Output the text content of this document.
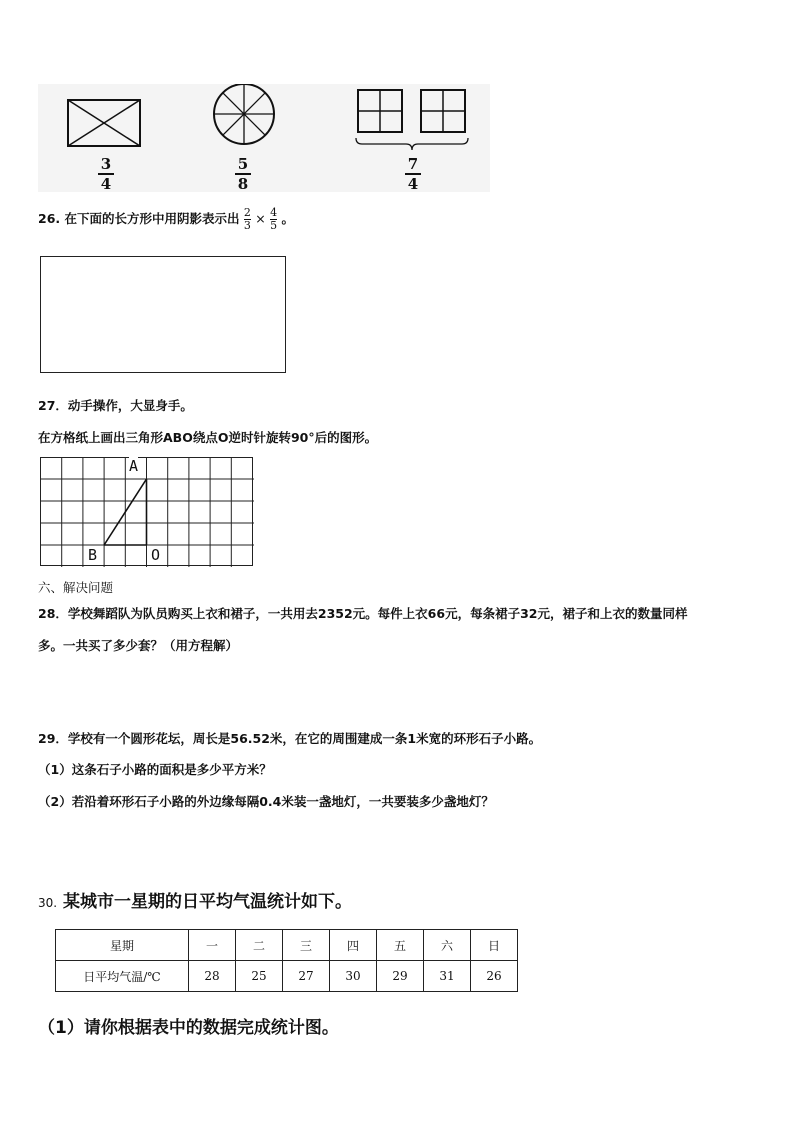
3
4
5
8
7
4
26. 在下面的长方形中用阴影表示出 $\frac{2}{3} \times \frac{4}{5}$ 。
27．动手操作，大显身手。
在方格纸上画出三角形ABO绕点O逆时针旋转90°后的图形。
A
B	O
六、解决问题
28．学校舞蹈队为队员购买上衣和裙子，一共用去2352元。每件上衣66元，每条裙子32元，裙子和上衣的数量同样
多。一共买了多少套？（用方程解）
29．学校有一个圆形花坛，周长是56.52米，在它的周围建成一条1米宽的环形石子小路。
（1）这条石子小路的面积是多少平方米？
（2）若沿着环形石子小路的外边缘每隔0.4米装一盏地灯，一共要装多少盏地灯？
30. 某城市一星期的日平均气温统计如下。
星期	一	二	三	四	五	六	日
日平均气温/℃	28	25	27	30	29	31	26
（1）请你根据表中的数据完成统计图。
